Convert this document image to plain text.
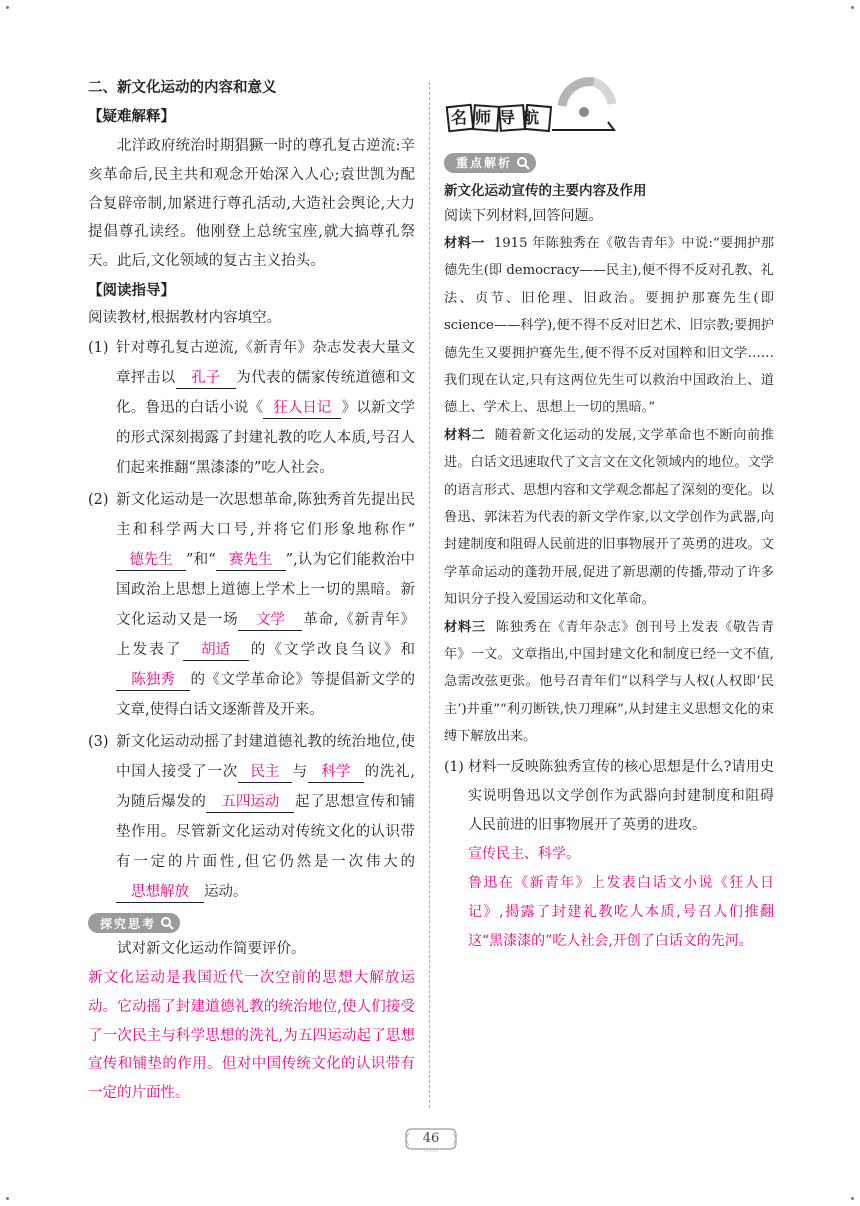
二、新文化运动的内容和意义
【疑难解释】
北洋政府统治时期猖獗一时的尊孔复古逆流:辛亥革命后,民主共和观念开始深入人心;袁世凯为配合复辟帝制,加紧进行尊孔活动,大造社会舆论,大力提倡尊孔读经。他刚登上总统宝座,就大搞尊孔祭天。此后,文化领域的复古主义抬头。
【阅读指导】
阅读教材,根据教材内容填空。
(1) 针对尊孔复古逆流,《新青年》杂志发表大量文章抨击以 孔子 为代表的儒家传统道德和文化。鲁迅的白话小说《 狂人日记 》以新文学的形式深刻揭露了封建礼教的吃人本质,号召人们起来推翻“黑漆漆的”吃人社会。
(2) 新文化运动是一次思想革命,陈独秀首先提出民主和科学两大口号,并将它们形象地称作“德先生 ”和“ 赛先生 ”,认为它们能救治中国政治上思想上道德上学术上一切的黑暗。新文化运动又是一场 文学 革命,《新青年》上发表了 胡适 的《文学改良刍议》和陈独秀 的《文学革命论》等提倡新文学的文章,使得白话文逐渐普及开来。
(3) 新文化运动动摇了封建道德礼教的统治地位,使中国人接受了一次 民主 与 科学 的洗礼,为随后爆发的 五四运动 起了思想宣传和铺垫作用。尽管新文化运动对传统文化的认识带有一定的片面性,但它仍然是一次伟大的思想解放 运动。
探究思考
试对新文化运动作简要评价。
新文化运动是我国近代一次空前的思想大解放运动。它动摇了封建道德礼教的统治地位,使人们接受了一次民主与科学思想的洗礼,为五四运动起了思想宣传和铺垫的作用。但对中国传统文化的认识带有一定的片面性。
名师导航
重点解析
新文化运动宣传的主要内容及作用
阅读下列材料,回答问题。
材料一 1915 年陈独秀在《敬告青年》中说:“要拥护那德先生(即 democracy——民主),便不得不反对孔教、礼法、贞节、旧伦理、旧政治。要拥护那赛先生(即 science——科学),便不得不反对旧艺术、旧宗教;要拥护德先生又要拥护赛先生,便不得不反对国粹和旧文学……我们现在认定,只有这两位先生可以救治中国政治上、道德上、学术上、思想上一切的黑暗。”
材料二 随着新文化运动的发展,文学革命也不断向前推进。白话文迅速取代了文言文在文化领域内的地位。文学的语言形式、思想内容和文学观念都起了深刻的变化。以鲁迅、郭沫若为代表的新文学作家,以文学创作为武器,向封建制度和阻碍人民前进的旧事物展开了英勇的进攻。文学革命运动的蓬勃开展,促进了新思潮的传播,带动了许多知识分子投入爱国运动和文化革命。
材料三 陈独秀在《青年杂志》创刊号上发表《敬告青年》一文。文章指出,中国封建文化和制度已经一文不值,急需改弦更张。他号召青年们“以科学与人权(人权即‘民主’)并重”“利刃断铁,快刀理麻”,从封建主义思想文化的束缚下解放出来。
(1) 材料一反映陈独秀宣传的核心思想是什么?请用史实说明鲁迅以文学创作为武器向封建制度和阻碍人民前进的旧事物展开了英勇的进攻。
宣传民主、科学。
鲁迅在《新青年》上发表白话文小说《狂人日记》,揭露了封建礼教吃人本质,号召人们推翻这“黑漆漆的”吃人社会,开创了白话文的先河。
46
